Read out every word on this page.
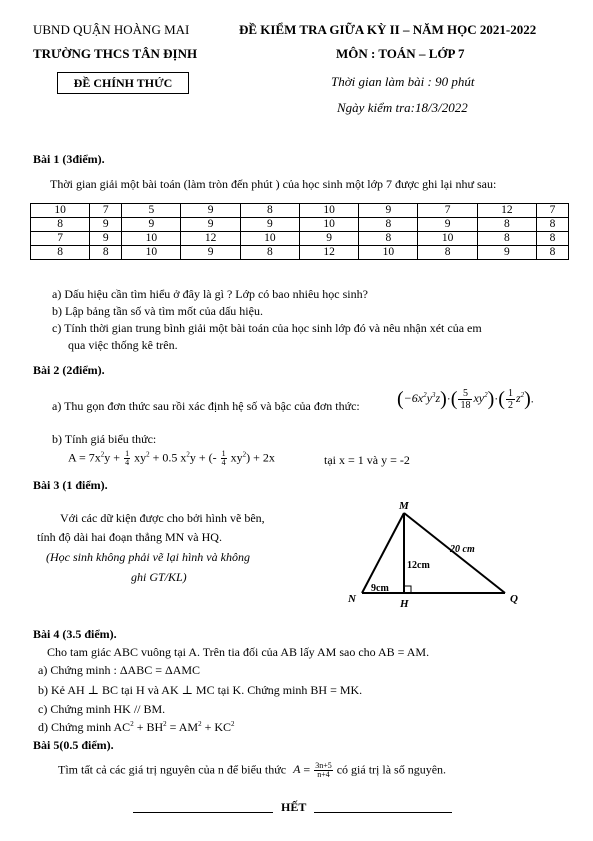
UBND QUẬN HOÀNG MAI
TRƯỜNG THCS TÂN ĐỊNH
ĐỀ CHÍNH THỨC
ĐỀ KIỂM TRA GIỮA KỲ II – NĂM HỌC 2021-2022
MÔN : TOÁN – LỚP 7
Thời gian làm bài : 90 phút
Ngày kiểm tra:18/3/2022
Bài 1 (3điểm).
Thời gian giải một bài toán (làm tròn đến phút ) của học sinh một lớp 7 được ghi lại như sau:
10	7	5	9	8	10	9	7	12	7
8	9	9	9	9	10	8	9	8	8
7	9	10	12	10	9	8	10	8	8
8	8	10	9	8	12	10	8	9	8
a) Dấu hiệu cần tìm hiểu ở đây là gì ? Lớp có bao nhiêu học sinh?
b) Lập bảng tần số và tìm mốt của dấu hiệu.
c) Tính thời gian trung bình giải một bài toán của học sinh lớp đó và nêu nhận xét của em
qua việc thống kê trên.
Bài 2 (2điểm).
a) Thu gọn đơn thức sau rồi xác định hệ số và bậc của đơn thức: $(-6x^2y^3z)\cdot( \frac{5}{18} xy^2)\cdot( \frac{1}{2} z^2)$.
b) Tính giá biểu thức:
$A = 7x^2y + \frac{1}{4} xy^2 + 0.5$ $x^2y$ + (- $\frac{1}{4} xy^2) + 2x$	tại x = 1 và y = -2
Bài 3 (1 điểm).
Với các dữ kiện được cho bởi hình vẽ bên,
tính độ dài hai đoạn thẳng MN và HQ.
(Học sinh không phải vẽ lại hình và không
ghi GT/KL)
M
N	H	Q
20 cm
12cm
9cm
Bài 4 (3.5 điểm).
Cho tam giác ABC vuông tại A. Trên tia đối của AB lấy AM sao cho AB = AM.
a) Chứng minh : ΔABC = ΔAMC
b) Kẻ AH ⊥ BC tại H và AK ⊥ MC tại K. Chứng minh BH = MK.
c) Chứng minh HK // BM.
d) Chứng minh $AC^2 + BH^2 = AM^2 + KC^2$
Bài 5(0.5 điểm).
Tìm tất cả các giá trị nguyên của n để biểu thức $A = \frac{3n+5}{n+4}$ có giá trị là số nguyên.
HẾT
